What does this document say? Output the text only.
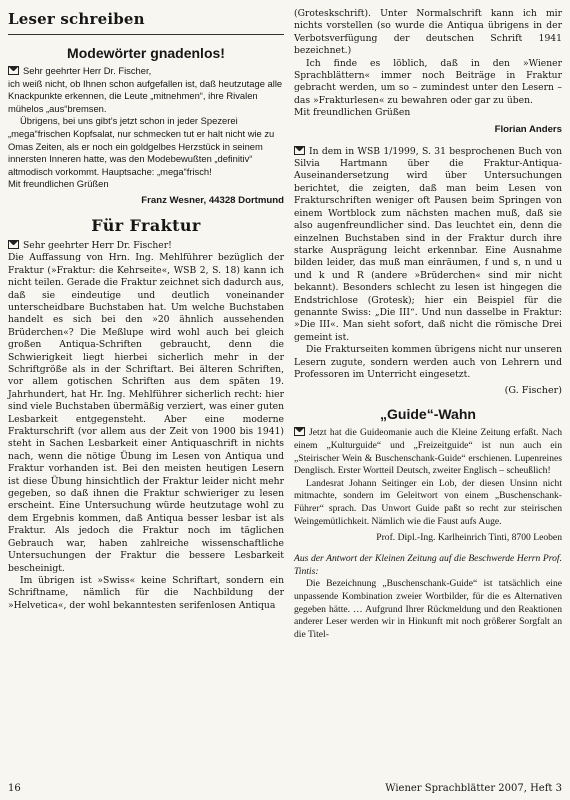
Leser schreiben
Modewörter gnadenlos!

Sehr geehrter Herr Dr. Fischer,

ich weiß nicht, ob Ihnen schon aufgefallen ist, daß heutzutage alle Knackpunkte erkennen, die Leute „mitnehmen“, ihre Rivalen mühelos „aus“bremsen.

Übrigens, bei uns gibt’s jetzt schon in jeder Spezerei „mega“frischen Kopfsalat, nur schmecken tut er halt nicht wie zu Omas Zeiten, als er noch ein goldgelbes Herzstück in seinem innersten Inneren hatte, was den Modebewußten „definitiv“ altmodisch vorkommt. Hauptsache: „mega“frisch!

Mit freundlichen Grüßen

Franz Wesner, 44328 Dortmund
Für Fraktur

Sehr geehrter Herr Dr. Fischer!

Die Auffassung von Hrn. Ing. Mehlführer bezüglich der Fraktur (»Fraktur: die Kehrseite«, WSB 2, S. 18) kann ich nicht teilen. Gerade die Fraktur zeichnet sich dadurch aus, daß sie eindeutige und deutlich voneinander unterscheidbare Buchstaben hat. Um welche Buchstaben handelt es sich bei den »20 ähnlich aussehenden Brüderchen«? Die Meßlupe wird wohl auch bei gleich großen Antiqua-Schriften gebraucht, denn die Schwierigkeit liegt hierbei sicherlich mehr in der Schriftgröße als in der Schriftart. Bei älteren Schriften, vor allem gotischen Schriften aus dem späten 19. Jahrhundert, hat Hr. Ing. Mehlführer sicherlich recht: hier sind viele Buchstaben übermäßig verziert, was einer guten Lesbarkeit entgegensteht. Aber eine moderne Frakturschrift (vor allem aus der Zeit von 1900 bis 1941) steht in Sachen Lesbarkeit einer Antiquaschrift in nichts nach, wenn die nötige Übung im Lesen von Antiqua und Fraktur vorhanden ist. Bei den meisten heutigen Lesern ist diese Übung hinsichtlich der Fraktur leider nicht mehr gegeben, so daß ihnen die Fraktur schwieriger zu lesen erscheint. Eine Untersuchung würde heutzutage wohl zu dem Ergebnis kommen, daß Antiqua besser lesbar ist als Fraktur. Als jedoch die Fraktur noch im täglichen Gebrauch war, haben zahlreiche wissenschaftliche Untersuchungen der Fraktur die bessere Lesbarkeit bescheinigt.

Im übrigen ist »Swiss« keine Schriftart, sondern ein Schriftname, nämlich für die Nachbildung der »Helvetica«, der wohl bekanntesten serifenlosen Antiqua

(Groteskschrift). Unter Normalschrift kann ich mir nichts vorstellen (so wurde die Antiqua übrigens in der Verbotsverfügung der deutschen Schrift 1941 bezeichnet.)

Ich finde es löblich, daß in den »Wiener Sprachblättern« immer noch Beiträge in Fraktur gebracht werden, um so – zumindest unter den Lesern – das »Frakturlesen« zu bewahren oder gar zu üben.

Mit freundlichen Grüßen

Florian Anders

In dem in WSB 1/1999, S. 31 besprochenen Buch von Silvia Hartmann über die Fraktur-Antiqua-Auseinandersetzung wird über Untersuchungen berichtet, die zeigten, daß man beim Lesen von Frakturschriften weniger oft Pausen beim Springen von einem Wortblock zum nächsten machen muß, daß sie also augenfreundlicher sind. Das leuchtet ein, denn die einzelnen Buchstaben sind in der Fraktur durch ihre starke Ausprägung leicht erkennbar. Eine Ausnahme bilden leider, das muß man einräumen, f und s, n und u und k und R (andere »Brüderchen« sind mir nicht bekannt). Besonders schlecht zu lesen ist hingegen die Endstrichlose (Grotesk); hier ein Beispiel für die genannte Swiss: „Die III“. Und nun dasselbe in Fraktur: »Die III«. Man sieht sofort, daß nicht die römische Drei gemeint ist.

Die Frakturseiten kommen übrigens nicht nur unseren Lesern zugute, sondern werden auch von Lehrern und Professoren im Unterricht eingesetzt.

(G. Fischer)
„Guide“-Wahn

Jetzt hat die Guideomanie auch die Kleine Zeitung erfaßt. Nach einem „Kulturguide“ und „Freizeitguide“ ist nun auch ein „Steirischer Wein & Buschenschank-Guide“ erschienen. Lupenreines Denglisch. Erster Wortteil Deutsch, zweiter Englisch – scheußlich!

Landesrat Johann Seitinger ein Lob, der diesen Unsinn nicht mitmachte, sondern im Geleitwort von einem „Buschenschank-Führer“ sprach. Das Unwort Guide paßt so recht zur steirischen Weingemütlichkeit. Nämlich wie die Faust aufs Auge.

Prof. Dipl.-Ing. Karlheinrich Tinti, 8700 Leoben

Aus der Antwort der Kleinen Zeitung auf die Beschwerde Herrn Prof. Tintis:

Die Bezeichnung „Buschenschank-Guide“ ist tatsächlich eine unpassende Kombination zweier Wortbilder, für die es Alternativen gegeben hätte. … Aufgrund Ihrer Rückmeldung und den Reaktionen anderer Leser werden wir in Hinkunft mit noch größerer Sorgfalt an die Titel-

16	Wiener Sprachblätter 2007, Heft 3
